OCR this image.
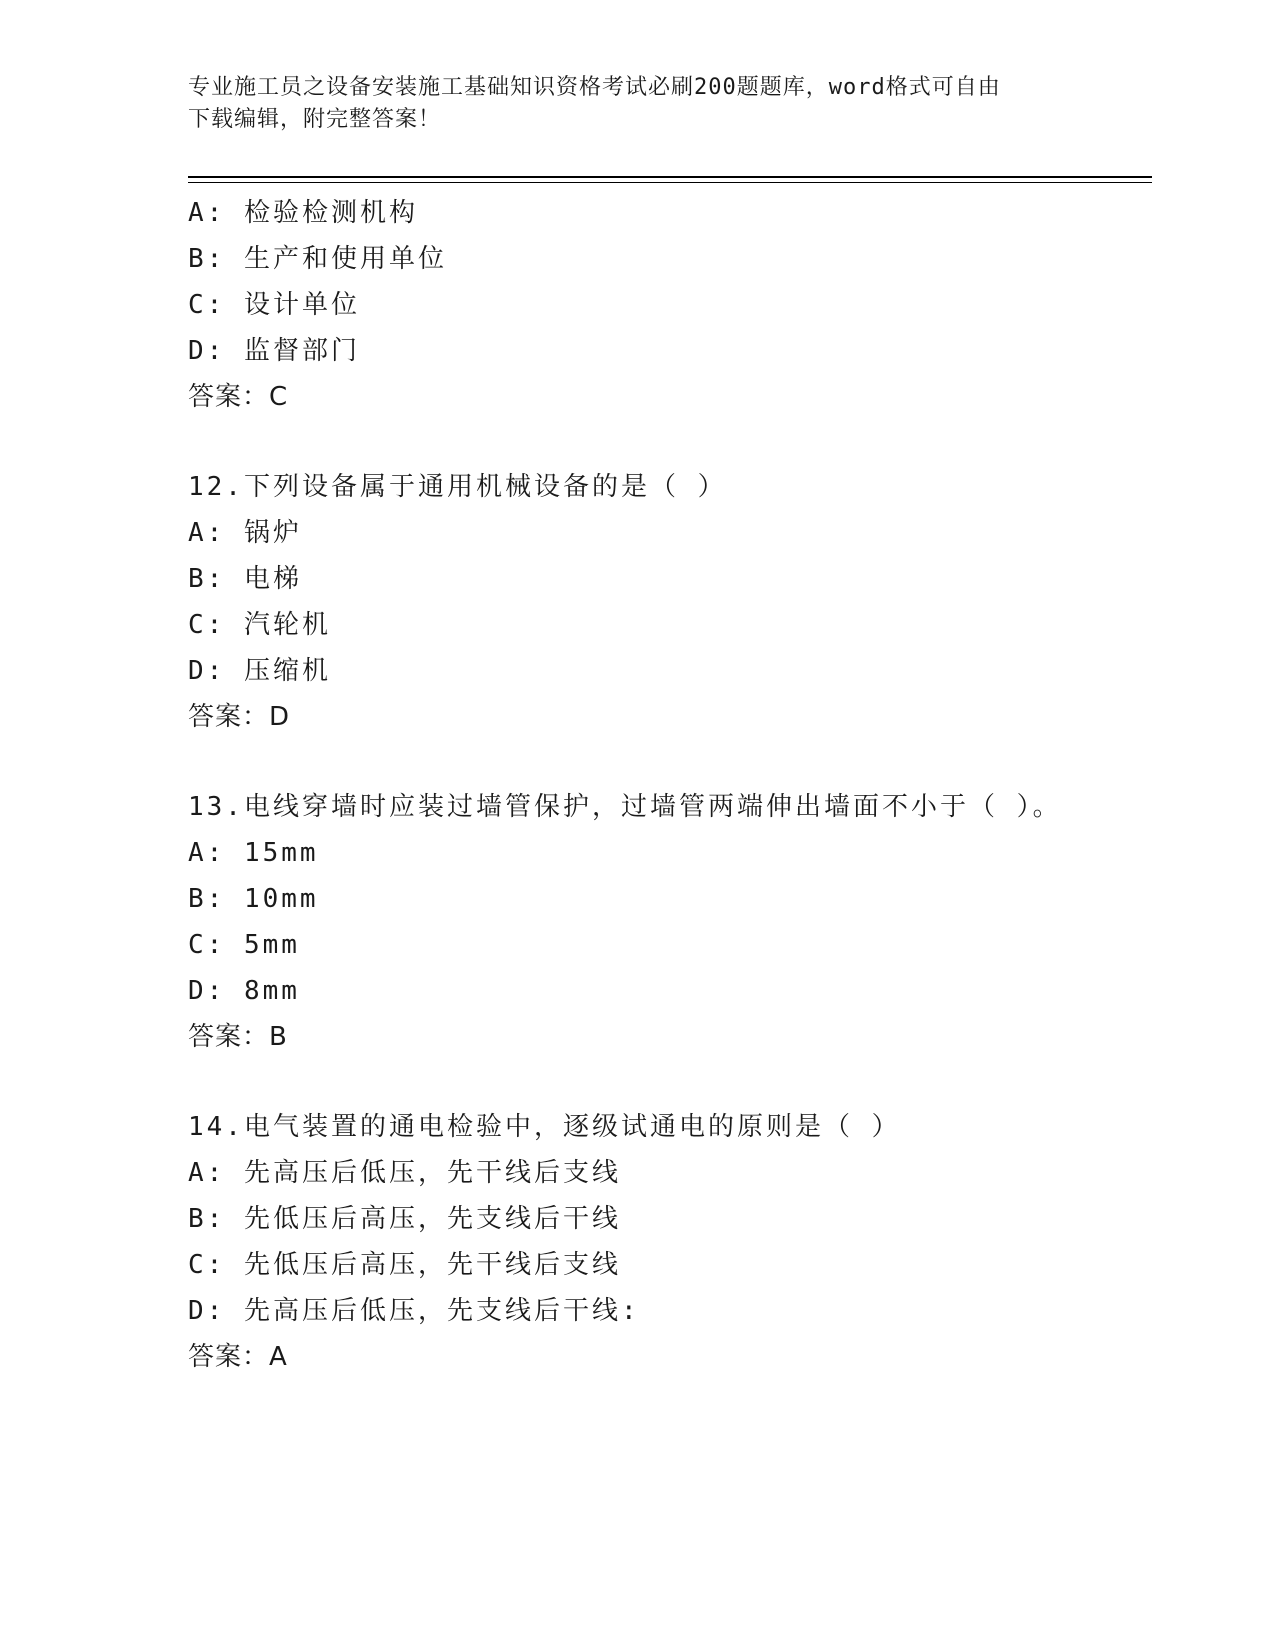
专业施工员之设备安装施工基础知识资格考试必刷200题题库，word格式可自由
下载编辑，附完整答案！
A: 检验检测机构
B: 生产和使用单位
C: 设计单位
D: 监督部门
答案：C
12.下列设备属于通用机械设备的是（ ）
A: 锅炉
B: 电梯
C: 汽轮机
D: 压缩机
答案：D
13.电线穿墙时应装过墙管保护，过墙管两端伸出墙面不小于（ ）。
A: 15mm
B: 10mm
C: 5mm
D: 8mm
答案：B
14.电气装置的通电检验中，逐级试通电的原则是（ ）
A: 先高压后低压，先干线后支线
B: 先低压后高压，先支线后干线
C: 先低压后高压，先干线后支线
D: 先高压后低压，先支线后干线:
答案：A
